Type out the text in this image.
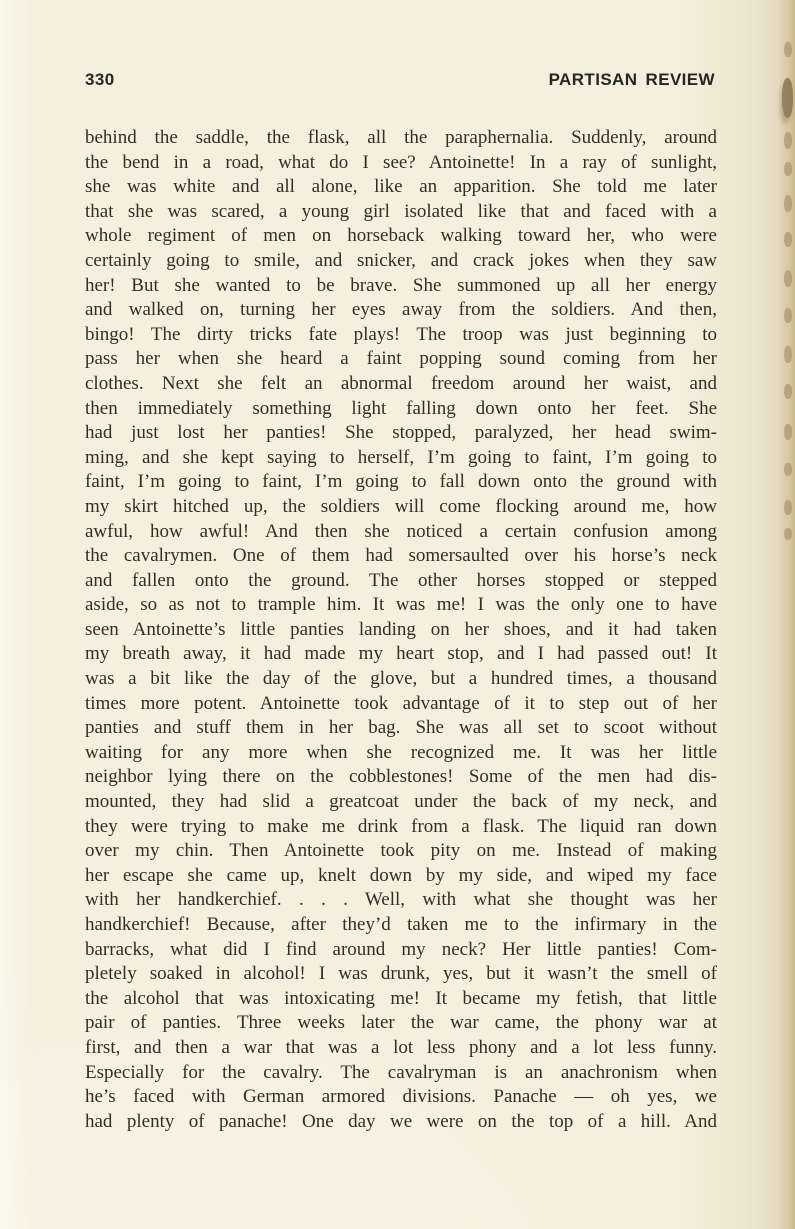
330	PARTISAN REVIEW
behind the saddle, the flask, all the paraphernalia. Suddenly, around
the bend in a road, what do I see? Antoinette! In a ray of sunlight,
she was white and all alone, like an apparition. She told me later
that she was scared, a young girl isolated like that and faced with a
whole regiment of men on horseback walking toward her, who were
certainly going to smile, and snicker, and crack jokes when they saw
her! But she wanted to be brave. She summoned up all her energy
and walked on, turning her eyes away from the soldiers. And then,
bingo! The dirty tricks fate plays! The troop was just beginning to
pass her when she heard a faint popping sound coming from her
clothes. Next she felt an abnormal freedom around her waist, and
then immediately something light falling down onto her feet. She
had just lost her panties! She stopped, paralyzed, her head swim-
ming, and she kept saying to herself, I’m going to faint, I’m going to
faint, I’m going to faint, I’m going to fall down onto the ground with
my skirt hitched up, the soldiers will come flocking around me, how
awful, how awful! And then she noticed a certain confusion among
the cavalrymen. One of them had somersaulted over his horse’s neck
and fallen onto the ground. The other horses stopped or stepped
aside, so as not to trample him. It was me! I was the only one to have
seen Antoinette’s little panties landing on her shoes, and it had taken
my breath away, it had made my heart stop, and I had passed out! It
was a bit like the day of the glove, but a hundred times, a thousand
times more potent. Antoinette took advantage of it to step out of her
panties and stuff them in her bag. She was all set to scoot without
waiting for any more when she recognized me. It was her little
neighbor lying there on the cobblestones! Some of the men had dis-
mounted, they had slid a greatcoat under the back of my neck, and
they were trying to make me drink from a flask. The liquid ran down
over my chin. Then Antoinette took pity on me. Instead of making
her escape she came up, knelt down by my side, and wiped my face
with her handkerchief. . . . Well, with what she thought was her
handkerchief! Because, after they’d taken me to the infirmary in the
barracks, what did I find around my neck? Her little panties! Com-
pletely soaked in alcohol! I was drunk, yes, but it wasn’t the smell of
the alcohol that was intoxicating me! It became my fetish, that little
pair of panties. Three weeks later the war came, the phony war at
first, and then a war that was a lot less phony and a lot less funny.
Especially for the cavalry. The cavalryman is an anachronism when
he’s faced with German armored divisions. Panache — oh yes, we
had plenty of panache! One day we were on the top of a hill. And
